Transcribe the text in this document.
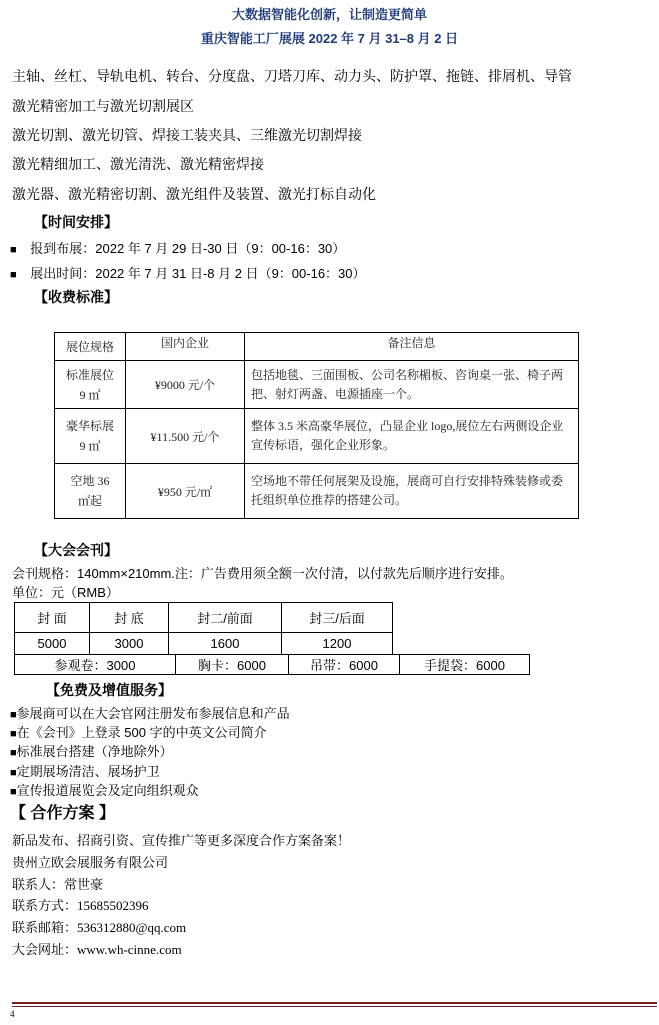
大数据智能化创新，让制造更简单
重庆智能工厂展展 2022 年 7 月 31–8 月 2 日
主轴、丝杠、导轨电机、转台、分度盘、刀塔刀库、动力头、防护罩、拖链、排屑机、导管
激光精密加工与激光切割展区
激光切割、激光切管、焊接工装夹具、三维激光切割焊接
激光精细加工、激光清洗、激光精密焊接
激光器、激光精密切割、激光组件及装置、激光打标自动化
【时间安排】
■ 报到布展：2022 年 7 月 29 日-30 日（9：00-16：30）
■ 展出时间：2022 年 7 月 31 日-8 月 2 日（9：00-16：30）
【收费标准】
展位规格	国内企业	备注信息
标准展位
9 ㎡	¥9000 元/个	包括地毯、三面围板、公司名称楣板、咨询桌一张、椅子两把、射灯两盏、电源插座一个。
豪华标展
9 ㎡	¥11.500 元/个	整体 3.5 米高豪华展位，凸显企业 logo,展位左右两侧设企业宣传标语，强化企业形象。
空地 36
㎡起	¥950 元/㎡	空场地不带任何展架及设施，展商可自行安排特殊装修或委托组织单位推荐的搭建公司。
【大会会刊】
会刊规格：140mm×210mm.注：广告费用须全额一次付清，以付款先后顺序进行安排。
单位：元（RMB）
封 面	封 底	封二/前面	封三/后面
5000	3000	1600	1200
参观卷：3000	胸卡：6000	吊带：6000	手提袋：6000
【免费及增值服务】
■参展商可以在大会官网注册发布参展信息和产品
■在《会刊》上登录 500 字的中英文公司简介
■标准展台搭建（净地除外）
■定期展场清洁、展场护卫
■宣传报道展览会及定向组织观众
【 合作方案 】
新品发布、招商引资、宣传推广等更多深度合作方案备案！
贵州立欧会展服务有限公司
联系人：常世豪
联系方式：15685502396
联系邮箱：536312880@qq.com
大会网址：www.wh-cinne.com
4
